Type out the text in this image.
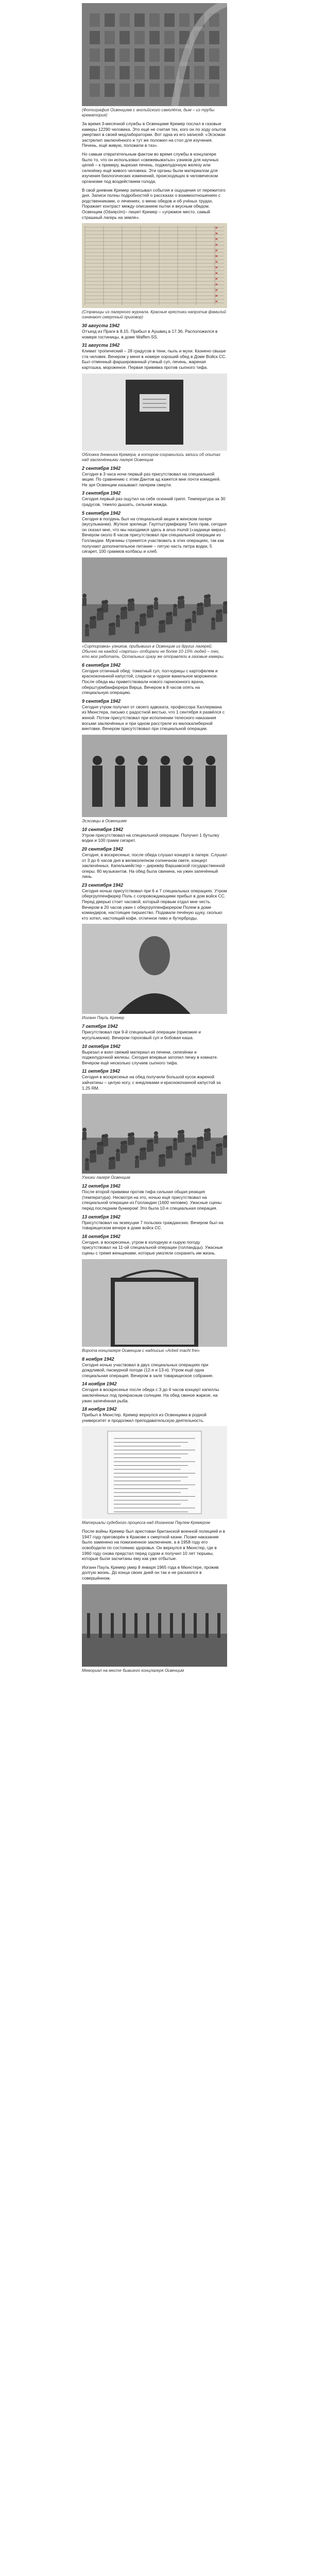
(Фотография Освенцима с английского самолёта, дым – из трубы крематория)

За время 3-месячной службы в Освенциме Кремер послал в газовые камеры 12290 человека. Это ещё не считая тех, кого он по ходу опытов умертвил в своей медлаборатории. Вот одна из его записей: «Эсэсман застрелил заключённого и тут же положил на стол для изучения. Печень, ещё живую, положили в таз».

Но самым отвратительным фактом во время службы в концлагере было то, что он использовал «свежевыжатых» узников для научных целей – к примеру, вырезая печень, поджелудочную железу или селезёнку ещё живого человека. Эти органы были материалом для изучения биологических изменений, происходящих в человеческом организме под воздействием голода.

В свой дневник Кремер записывал события и ощущения от пережитого дня. Записи полны подробностей о рассказах о взаимоотношениях с родственниками, о лечениях, о меню обедов и об учёных трудах. Поражает контраст между описанием пытки и вкусным обедом. Освенцим (Oświęcim)– пишет Кремер – «угрюмое место, самый страшный лагерь на земле».

✕
✕
✕
✕
✕
✕
✕
✕
✕
✕
✕
✕
✕
✕
(Страницы из лагерного журнала. Красные крестики напротив фамилий означают смертный приговор)
30 августа 1942

Отъезд из Праги в 8.15. Прибыл в Аушвиц в 17.36. Расположился в номере гостиницы, в доме Waffen-SS.

31 августа 1942

Климат тропический – 28 градусов в тени, пыль и мухи. Казнено свыше ста человек. Вечером у меня в номере хороший обед в Доме Войск СС. Был отменный фаршированный утиный суп, печень, жареная картошка, мороженое. Первая прививка против сыпного тифа.

Обложка дневника Кремера, в котором сохранились записи об опытах над заключёнными лагеря Освенцим
2 сентября 1942

Сегодня в 3 часа ночи первый раз присутствовал на специальной акции. По сравнению с этим Дантов ад кажется мне почти комедией. Не зря Освенцим называют лагерем смерти.

3 сентября 1942

Сегодня первый раз ощутил на себе осенний грипп. Температура за 30 градусов, тяжело дышать, сильная жажда.

5 сентября 1942

Сегодня в полдень был на специальной акции в женском лагере (мусульманки). Жуткое зрелище. Гауптштурмфюрер Тило прав, сегодня он сказал мне, что мы находимся здесь в anus mundi («заднице мира»). Вечером около 8 часов присутствовал при специальной операции из Голландии. Мужчины стремятся участвовать в этих операциях, так как получают дополнительное питание – пятую часть литра водки, 5 сигарет, 100 граммов колбасы и хлеб.

«Сортировка» узников, прибывших в Освенцим из других лагерей. Обычно на каждой «партии» отбирали не более 10-15% людей – тех, кто мог работать. Остальных сразу же отправляли в газовые камеры.
6 сентября 1942

Сегодня отличный обед: томатный суп, пол-курицы с картофелем и краснокочанной капустой, сладкое и чудное ванильное мороженое. После обеда мы приветствовали нового гарнизонного врача, оберштурмбанфюрера Вирца. Вечером в 8 часов опять на специальную операцию.

9 сентября 1942

Сегодня утром получил от своего адвоката, профессора Халлермана из Мюнстера, письмо с радостной вестью, что 1 сентября я развёлся с женой. Потом присутствовал при исполнении телесного наказания восьми заключённых и при одном расстреле из малокалиберной винтовки. Вечером присутствовал при специальной операции.

Эсэсовцы в Освенциме
10 сентября 1942

Утром присутствовал на специальной операции. Получил 1 бутылку водки и 100 грамм сигарет.

20 сентября 1942

Сегодня, в воскресенье, после обеда слушал концерт в лагере. Слушал от 3 до 6 часов дня в великолепном солнечном свете, концерт заключённых. Капельмейстер – дирижёр Варшавской государственной оперы. 80 музыкантов. На обед была свинина, на ужин запечённый линь.

23 сентября 1942

Сегодня ночью присутствовал при 6 и 7 специальных операциях. Утром обергруппенфюрер Поль с сопровождающими прибыл в дом войск СС. Перед дверью стоит часовой, который первым отдал мне честь. Вечером в 20 часов ужин с обергруппенфюрером Полем в доме командиров, настоящее пиршество. Подавали печёную щуку, сколько кто хотел, настоящий кофе, отличное пиво и бутерброды.

Иоганн Пауль Кремер
7 октября 1942

Присутствовал при 9-й специальной операции (приезжие и мусульманки). Вечером гороховый суп и бобовая каша.

10 октября 1942

Вырезал и взял свежий материал из печени, селезёнки и поджелудочной железы. Сегодня впервые затопил печку в комнате. Вечером ещё несколько случаев сыпного тифа.

11 октября 1942

Сегодня в воскресенье на обед получили большой кусок жареной зайчатины – целую ногу, с кнедликами и краснокочанной капустой за 1.25 RM.

Узники лагеря Освенцим
12 октября 1942

После второй прививки против тифа сильная общая реакция (температура). Несмотря на это, ночью ещё присутствовал на специальной операции из Голландии (1600 человек). Ужасные сцены перед последним бункером! Это была 10-я специальная операция.

13 октября 1942

Присутствовал на экзекуции 7 польских гражданских. Вечером был на товарищеском вечере в доме войск СС.

18 октября 1942

Сегодня, в воскресенье, утром в холодную и сырую погоду присутствовал на 11-ой специальной операции (голландцы). Ужасные сцены с тремя женщинами, которые умоляли сохранить им жизнь.

Ворота концлагеря Освенцим с надписью «Arbeit macht frei»
8 ноября 1942

Сегодня ночью участвовал в двух специальных операциях при дождливой, пасмурной погоде (12-я и 13-я). Утром ещё одна специальная операция. Вечером в зале товарищеское собрание.

14 ноября 1942

Сегодня в воскресенье после обеда с 3 до 4 часов концерт капеллы заключённых под прекрасным солнцем. На обед свиное жаркое, на ужин запечённая рыба.

18 ноября 1942

Прибыл в Мюнстер. Кремер вернулся из Освенцима в родной университет и продолжил преподавательскую деятельность.

Материалы судебного процесса над Иоганном Паулем Кремером

После войны Кремер был арестован британской военной полицией и в 1947 году приговорён в Кракове к смертной казни. Позже наказание было заменено на пожизненное заключение, а в 1958 году его освободили по состоянию здоровья. Он вернулся в Мюнстер, где в 1960 году снова предстал перед судом и получил 10 лет тюрьмы, которые были засчитаны ему как уже отбытые.

Иоганн Пауль Кремер умер 8 января 1965 года в Мюнстере, прожив долгую жизнь. До конца своих дней он так и не раскаялся в совершённом.

Мемориал на месте бывшего концлагеря Освенцим
